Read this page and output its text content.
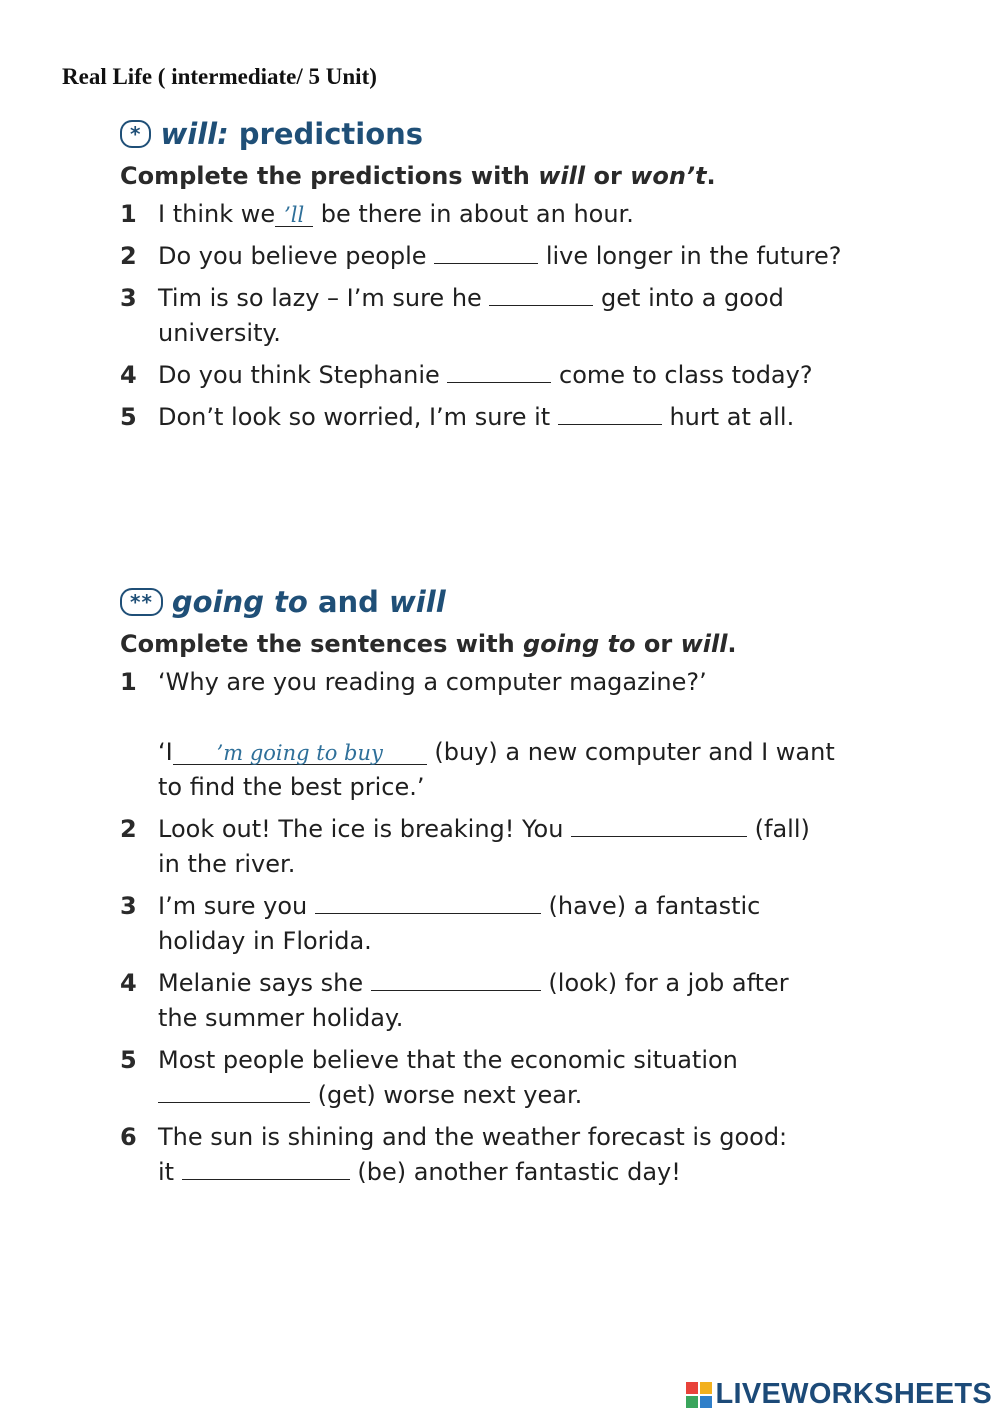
Real Life ( intermediate/ 5 Unit)
* will: predictions
Complete the predictions with will or won’t.
1 I think we ’ll be there in about an hour.
2 Do you believe people	live longer in the future?
3 Tim is so lazy – I’m sure he	get into a good university.
4 Do you think Stephanie	come to class today?
5 Don’t look so worried, I’m sure it	hurt at all.
** going to and will
Complete the sentences with going to or will.
1 ‘Why are you reading a computer magazine?’

‘I ’m going to buy (buy) a new computer and I want to find the best price.’
2 Look out! The ice is breaking! You	(fall) in the river.
3 I’m sure you	(have) a fantastic holiday in Florida.
4 Melanie says she	(look) for a job after the summer holiday.
5 Most people believe that the economic situation  (get) worse next year.
6 The sun is shining and the weather forecast is good: it	(be) another fantastic day!
LIVEWORKSHEETS
